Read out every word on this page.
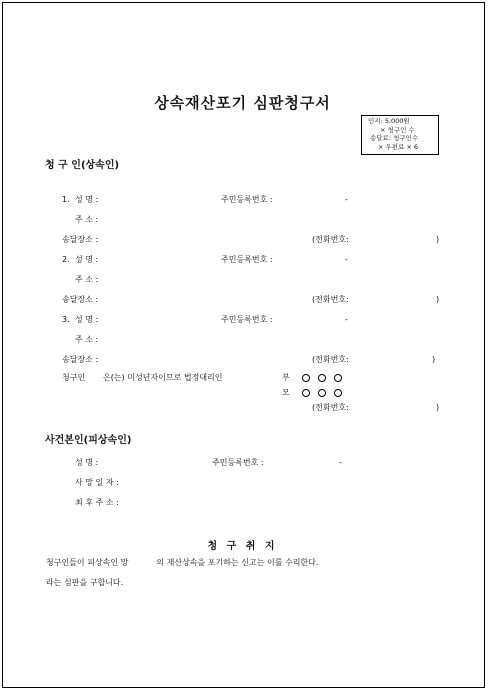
상속재산포기 심판청구서
인지: 5,000원
× 청구인 수
송달료: 청구인수
× 우편료 × 6
청 구 인(상속인)
1. 성 명 :	주민등록번호 :	-
주 소 :
송달장소 :	(전화번호:	)
2. 성 명 :	주민등록번호 :	-
주 소 :
송달장소 :	(전화번호:	)
3. 성 명 :	주민등록번호 :	-
주 소 :
송달장소 :	(전화번호:	)
청구인       은(는) 미성년자이므로 법정대리인	부
모
(전화번호:	)
사건본인(피상속인)
성 명 :	주민등록번호 :	-
사 망 일 자 :
최 후 주 소 :
청 구 취 지
청구인들이 피상속인 망           의 재산상속을 포기하는 신고는 이를 수리한다.
라는 심판을 구합니다.
